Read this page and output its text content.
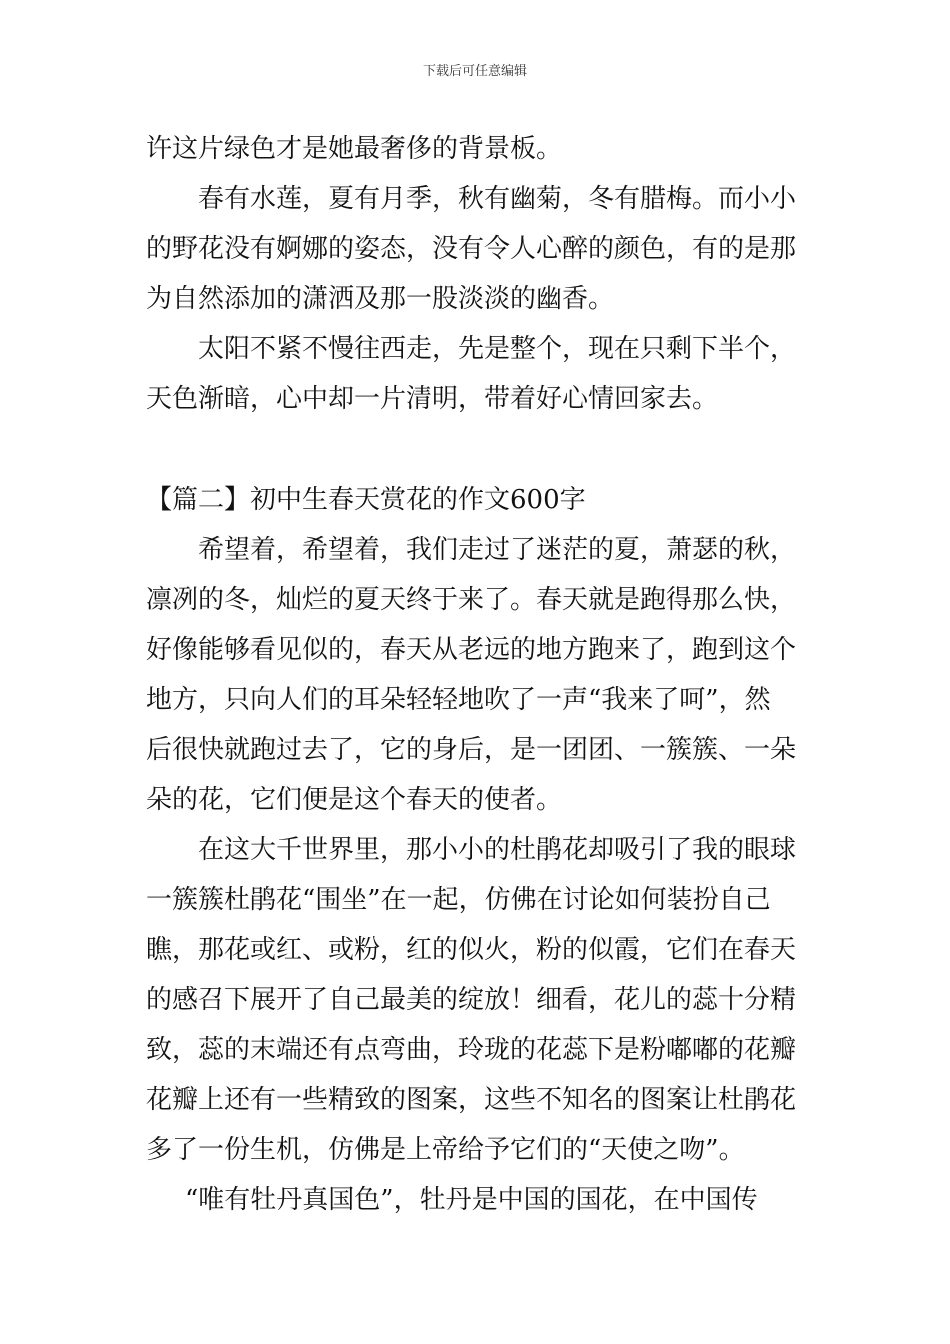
下载后可任意编辑
许这片绿色才是她最奢侈的背景板。
春有水莲，夏有月季，秋有幽菊，冬有腊梅。而小小
的野花没有婀娜的姿态，没有令人心醉的颜色，有的是那
为自然添加的潇洒及那一股淡淡的幽香。
太阳不紧不慢往西走，先是整个，现在只剩下半个，
天色渐暗，心中却一片清明，带着好心情回家去。
【篇二】初中生春天赏花的作文600字
希望着，希望着，我们走过了迷茫的夏，萧瑟的秋，
凛冽的冬，灿烂的夏天终于来了。春天就是跑得那么快，
好像能够看见似的，春天从老远的地方跑来了，跑到这个
地方，只向人们的耳朵轻轻地吹了一声“我来了呵”，然
后很快就跑过去了，它的身后，是一团团、一簇簇、一朵
朵的花，它们便是这个春天的使者。
在这大千世界里，那小小的杜鹃花却吸引了我的眼球
一簇簇杜鹃花“围坐”在一起，仿佛在讨论如何装扮自己
瞧，那花或红、或粉，红的似火，粉的似霞，它们在春天
的感召下展开了自己最美的绽放！细看，花儿的蕊十分精
致，蕊的末端还有点弯曲，玲珑的花蕊下是粉嘟嘟的花瓣
花瓣上还有一些精致的图案，这些不知名的图案让杜鹃花
多了一份生机，仿佛是上帝给予它们的“天使之吻”。
“唯有牡丹真国色”，牡丹是中国的国花，在中国传
